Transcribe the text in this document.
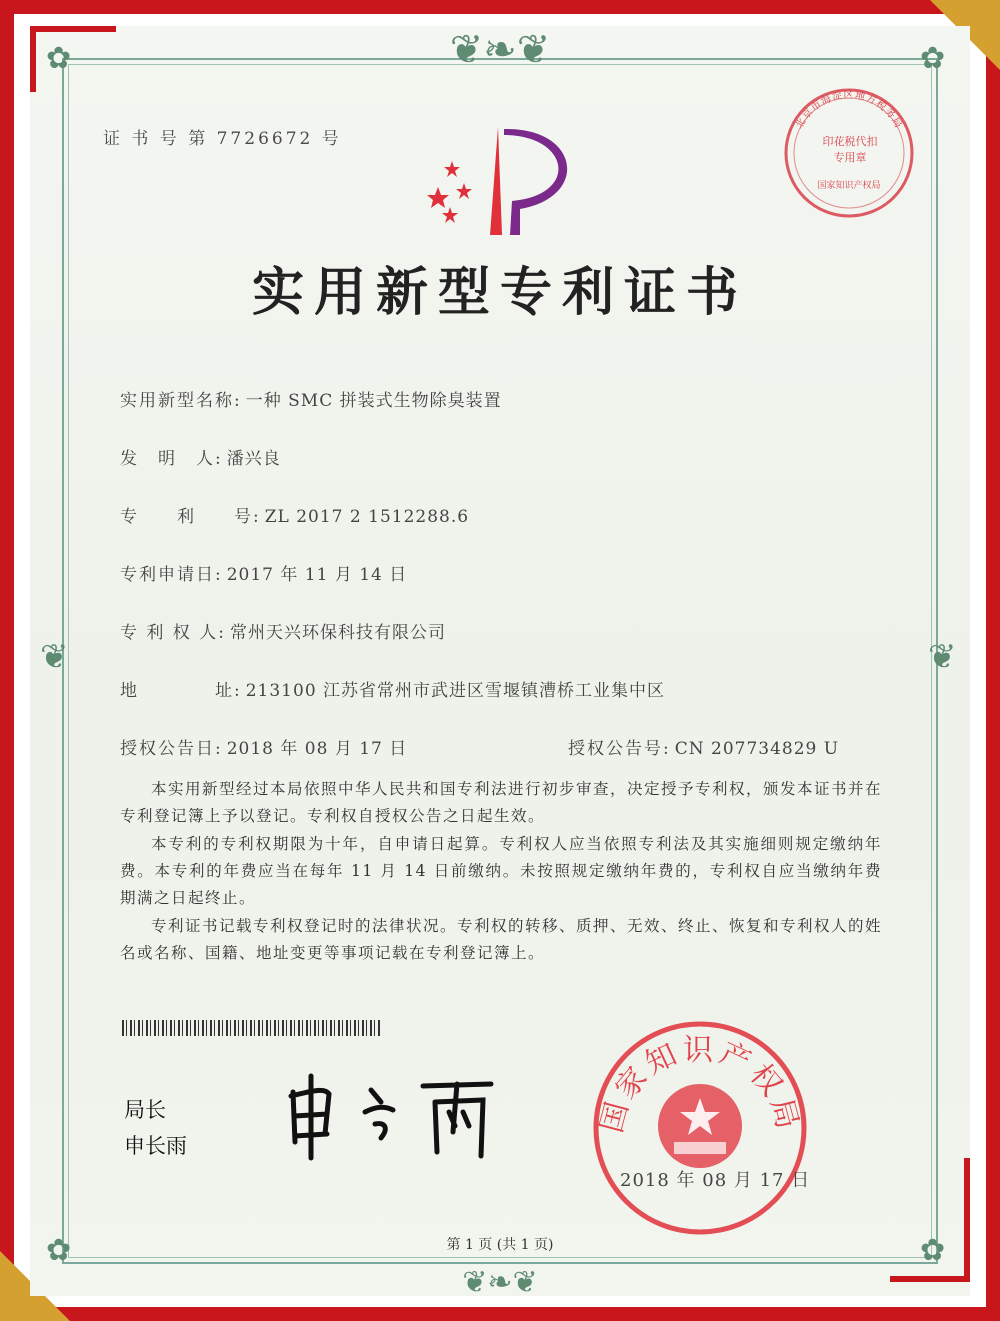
❦❧❦
✿	✿
✿	✿
❦	❦
❦❧❦
证 书 号 第 7726672 号
实用新型专利证书
实用新型名称: 一种 SMC 拼装式生物除臭装置
发　明　人: 潘兴良
专　　利　　号: ZL 2017 2 1512288.6
专利申请日: 2017 年 11 月 14 日
专 利 权 人: 常州天兴环保科技有限公司
地　　　　址: 213100 江苏省常州市武进区雪堰镇漕桥工业集中区
授权公告日: 2018 年 08 月 17 日	授权公告号: CN 207734829 U
本实用新型经过本局依照中华人民共和国专利法进行初步审查，决定授予专利权，颁发本证书并在专利登记簿上予以登记。专利权自授权公告之日起生效。
本专利的专利权期限为十年，自申请日起算。专利权人应当依照专利法及其实施细则规定缴纳年费。本专利的年费应当在每年 11 月 14 日前缴纳。未按照规定缴纳年费的，专利权自应当缴纳年费期满之日起终止。
专利证书记载专利权登记时的法律状况。专利权的转移、质押、无效、终止、恢复和专利权人的姓名或名称、国籍、地址变更等事项记载在专利登记簿上。
局长
申长雨
国家知识产权局
2018 年 08 月 17 日
北京市海淀区地方税务局
印花税代扣专用章
国家知识产权局
第 1 页 (共 1 页)
